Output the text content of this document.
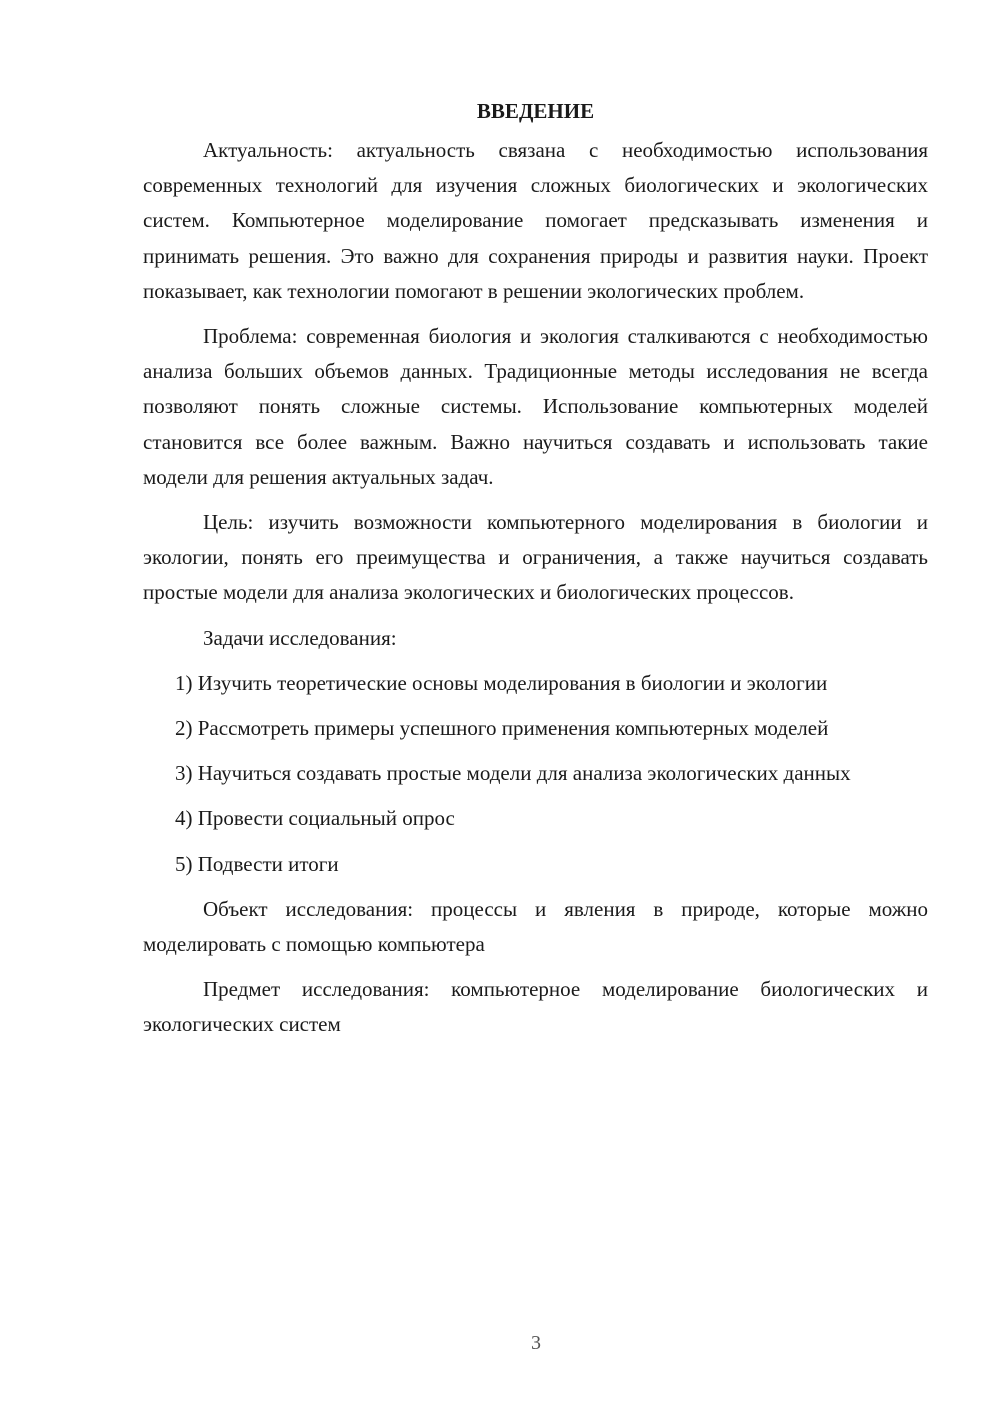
ВВЕДЕНИЕ

Актуальность: актуальность связана с необходимостью использования современных технологий для изучения сложных биологических и экологических систем. Компьютерное моделирование помогает предсказывать изменения и принимать решения. Это важно для сохранения природы и развития науки. Проект показывает, как технологии помогают в решении экологических проблем.

Проблема: современная биология и экология сталкиваются с необходимостью анализа больших объемов данных. Традиционные методы исследования не всегда позволяют понять сложные системы. Использование компьютерных моделей становится все более важным. Важно научиться создавать и использовать такие модели для решения актуальных задач.

Цель: изучить возможности компьютерного моделирования в биологии и экологии, понять его преимущества и ограничения, а также научиться создавать простые модели для анализа экологических и биологических процессов.

Задачи исследования:

1) Изучить теоретические основы моделирования в биологии и экологии

2) Рассмотреть примеры успешного применения компьютерных моделей

3) Научиться создавать простые модели для анализа экологических данных

4) Провести социальный опрос

5) Подвести итоги

Объект исследования: процессы и явления в природе, которые можно моделировать с помощью компьютера

Предмет исследования: компьютерное моделирование биологических и экологических систем

3
